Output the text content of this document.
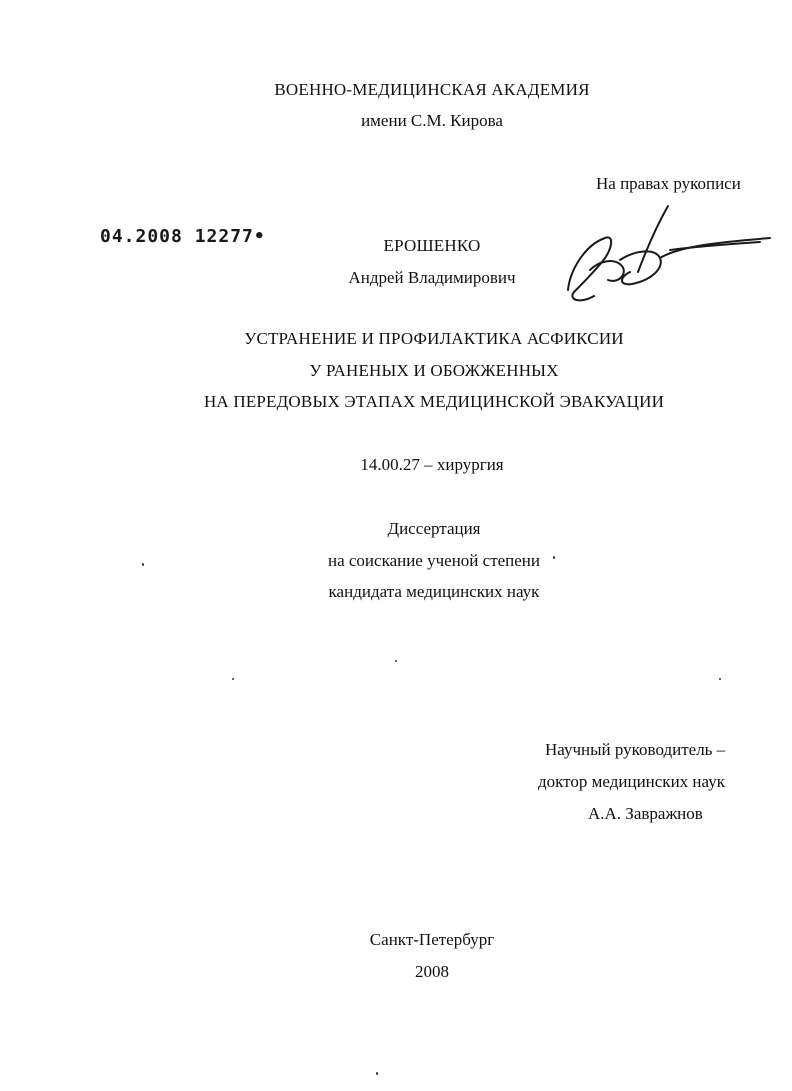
ВОЕННО-МЕДИЦИНСКАЯ АКАДЕМИЯ
имени С.М. Кирова
На правах рукописи
04.2008 12277•	ЕРОШЕНКО
Андрей Владимирович
УСТРАНЕНИЕ И ПРОФИЛАКТИКА АСФИКСИИ
У РАНЕНЫХ И ОБОЖЖЕННЫХ
НА ПЕРЕДОВЫХ ЭТАПАХ МЕДИЦИНСКОЙ ЭВАКУАЦИИ
14.00.27 – хирургия
Диссертация
на соискание ученой степени
кандидата медицинских наук
Научный руководитель –
доктор медицинских наук
А.А. Завражнов
Санкт-Петербург
2008
